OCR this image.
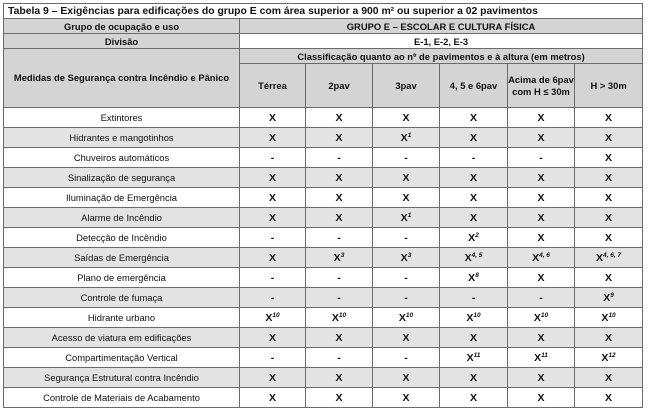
Tabela 9 – Exigências para edificações do grupo E com área superior a 900 m² ou superior a 02 pavimentos						
Grupo de ocupação e uso	GRUPO E – ESCOLAR E CULTURA FÍSICA					
Divisão	E-1, E-2, E-3					
Medidas de Segurança contra Incêndio e Pânico	Classificação quanto ao nº de pavimentos e à altura (em metros)					
	Térrea	2pav	3pav	4, 5 e 6pav	Acima de 6pav com H ≤ 30m	H > 30m
Extintores	X	X	X	X	X	X
Hidrantes e mangotinhos	X	X	$X^1$	X	X	X
Chuveiros automáticos	-	-	-	-	-	X
Sinalização de segurança	X	X	X	X	X	X
Iluminação de Emergência	X	X	X	X	X	X
Alarme de Incêndio	X	X	$X^1$	X	X	X
Detecção de Incêndio	-	-	-	$X^2$	X	X
Saídas de Emergência	X	$X^3$	$X^3$	X$^{4, 5}$	X$^{4, 6}$	X$^{4, 6, 7}$
Plano de emergência	-	-	-	$X^8$	X	X
Controle de fumaça	-	-	-	-	-	$X^9$
Hidrante urbano	$X^{10}$	$X^{10}$	$X^{10}$	$X^{10}$	$X^{10}$	$X^{10}$
Acesso de viatura em edificações	X	X	X	X	X	X
Compartimentação Vertical	-	-	-	$X^{11}$	$X^{11}$	$X^{12}$
Segurança Estrutural contra Incêndio	X	X	X	X	X	X
Controle de Materiais de Acabamento	X	X	X	X	X	X
